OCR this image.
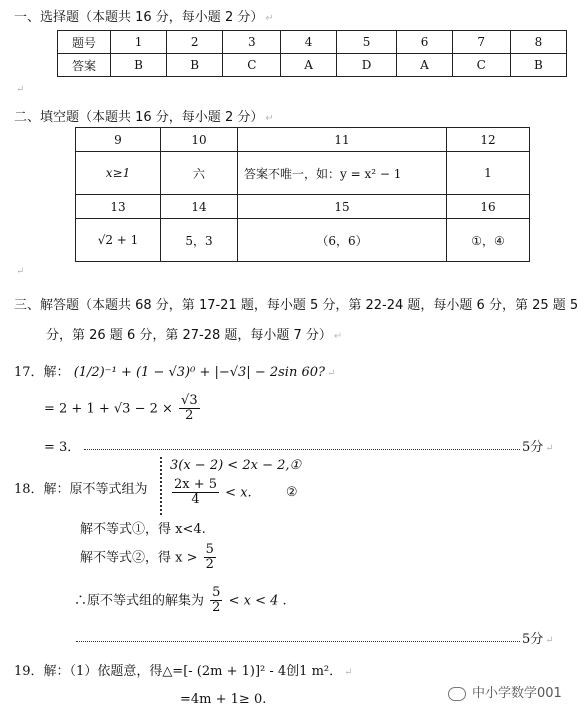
一、选择题（本题共 16 分，每小题 2 分） ↵
题号	1	2	3	4	5	6	7	8
答案	B	B	C	A	D	A	C	B
↵
二、填空题（本题共 16 分，每小题 2 分） ↵
9	10	11	12
x≥1	六	答案不唯一，如：y = x² − 1	1
13	14	15	16
√2 + 1	5，3	（6，6）	①，④
↵
三、解答题（本题共 68 分，第 17-21 题，每小题 5 分，第 22-24 题，每小题 6 分，第 25 题 5
分，第 26 题 6 分，第 27-28 题，每小题 7 分） ↵
17．解： (1/2)⁻¹ + (1 − √3)⁰ + |−√3| − 2sin 60? ↵
= $2 + 1 + √3 - 2 \times \frac{√3}{2}$
= 3．	5分 ↵
18．解：原不等式组为
3(x − 2) < 2x − 2,①
$\frac{2x + 5}{4} < x$.	②
解不等式①，得 x<4.
解不等式②，得 $x > \frac{5}{2}$
∴原不等式组的解集为 $\frac{5}{2} < x < 4$ .
5分 ↵
19．解：（1）依题意，得△=[- (2m + 1)]² - 4创1 m²． ↵
=4m + 1≥ 0.	中小学数学001
